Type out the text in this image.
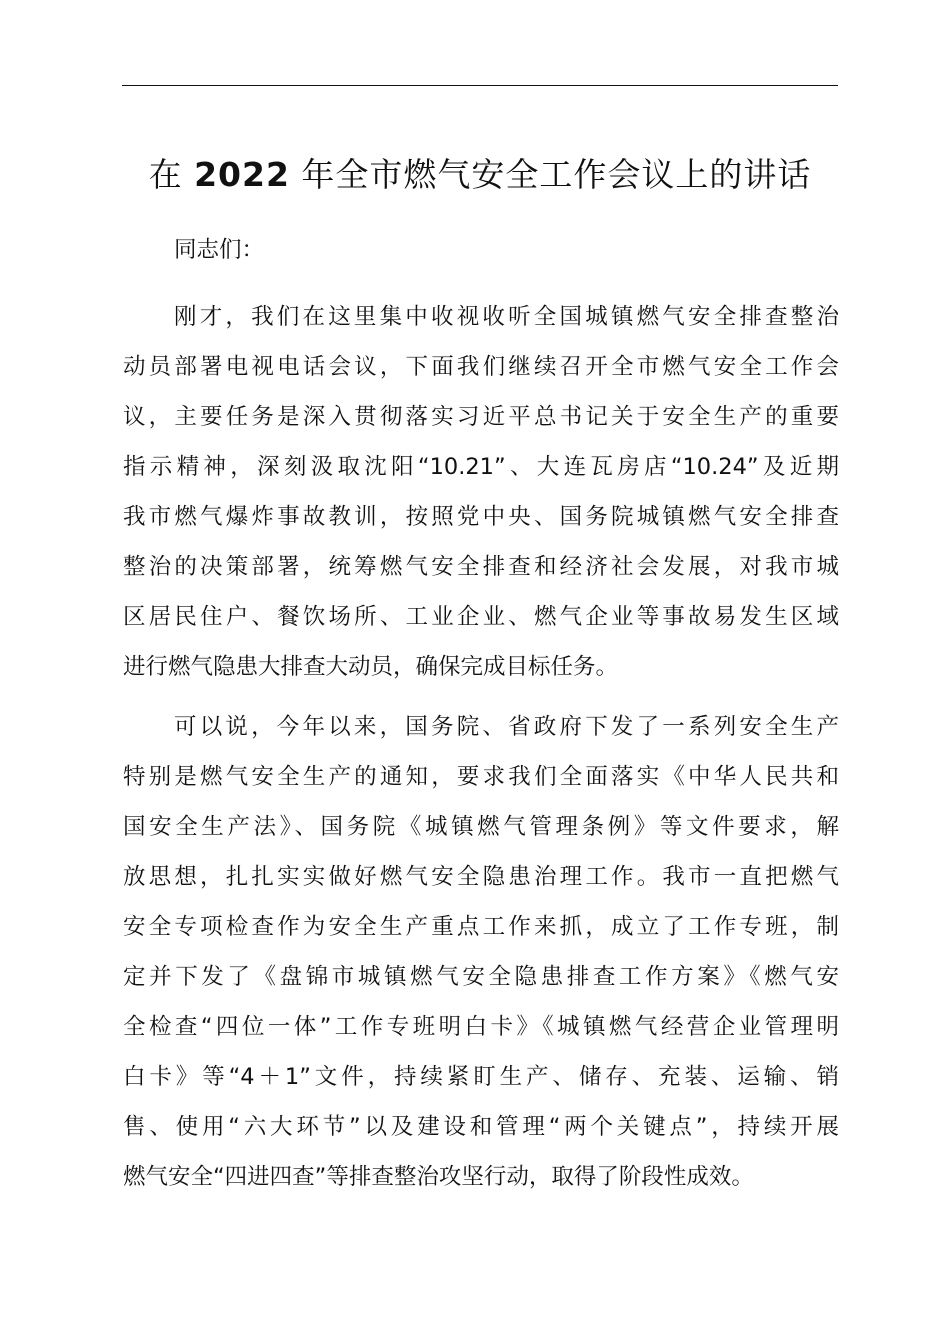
在 2022 年全市燃气安全工作会议上的讲话

同志们：

刚才，我们在这里集中收视收听全国城镇燃气安全排查整治
动员部署电视电话会议，下面我们继续召开全市燃气安全工作会
议，主要任务是深入贯彻落实习近平总书记关于安全生产的重要
指示精神，深刻汲取沈阳“10.21”、大连瓦房店“10.24”及近期
我市燃气爆炸事故教训，按照党中央、国务院城镇燃气安全排查
整治的决策部署，统筹燃气安全排查和经济社会发展，对我市城
区居民住户、餐饮场所、工业企业、燃气企业等事故易发生区域
进行燃气隐患大排查大动员，确保完成目标任务。
可以说，今年以来，国务院、省政府下发了一系列安全生产
特别是燃气安全生产的通知，要求我们全面落实《中华人民共和
国安全生产法》、国务院《城镇燃气管理条例》等文件要求，解
放思想，扎扎实实做好燃气安全隐患治理工作。我市一直把燃气
安全专项检查作为安全生产重点工作来抓，成立了工作专班，制
定并下发了《盘锦市城镇燃气安全隐患排查工作方案》《燃气安
全检查“四位一体”工作专班明白卡》《城镇燃气经营企业管理明
白卡》等“4＋1”文件，持续紧盯生产、储存、充装、运输、销
售、使用“六大环节”以及建设和管理“两个关键点”，持续开展
燃气安全“四进四查”等排查整治攻坚行动，取得了阶段性成效。
